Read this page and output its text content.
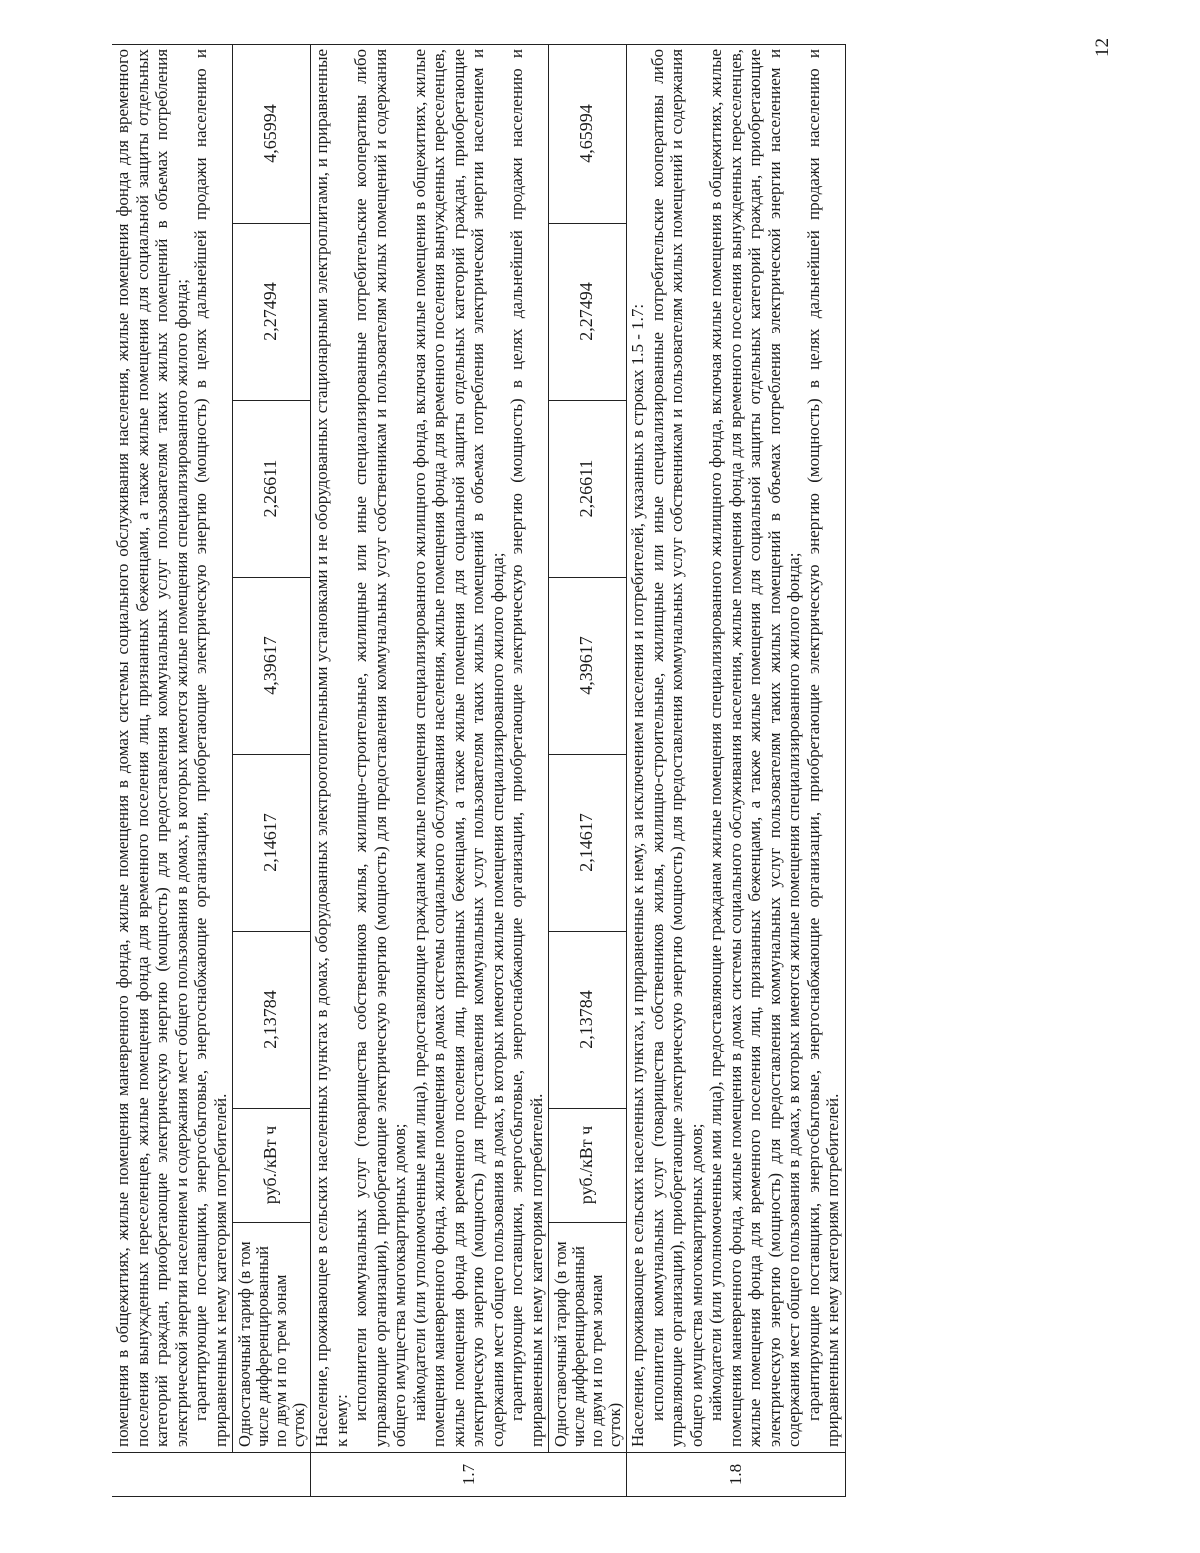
	помещения в общежитиях, жилые помещения маневренного фонда, жилые помещения в домах системы социального обслуживания населения, жилые помещения фонда для временного поселения вынужденных переселенцев, жилые помещения фонда для временного поселения лиц, признанных беженцами, а также жилые помещения для социальной защиты отдельных категорий граждан, приобретающие электрическую энергию (мощность) для предоставления коммунальных услуг пользователям таких жилых помещений в объемах потребления электрической энергии населением и содержания мест общего пользования в домах, в которых имеются жилые помещения специализированного жилого фонда; гарантирующие поставщики, энергосбытовые, энергоснабжающие организации, приобретающие электрическую энергию (мощность) в целях дальнейшей продажи населению и приравненным к нему категориям потребителей.							

	Одноставочный тариф (в том числе дифференцированный по двум и по трем зонам суток)	руб./кВт ч	2,13784	2,14617	4,39617	2,26611	2,27494	4,65994
1.7	Население, проживающее в сельских населенных пунктах в домах, оборудованных электроотопительными установками и не оборудованных стационарными электроплитами, и приравненные к нему: исполнители коммунальных услуг (товарищества собственников жилья, жилищно-строительные, жилищные или иные специализированные потребительские кооперативы либо управляющие организации), приобретающие электрическую энергию (мощность) для предоставления коммунальных услуг собственникам и пользователям жилых помещений и содержания общего имущества многоквартирных домов; наймодатели (или уполномоченные ими лица), предоставляющие гражданам жилые помещения специализированного жилищного фонда, включая жилые помещения в общежитиях, жилые помещения маневренного фонда, жилые помещения в домах системы социального обслуживания населения, жилые помещения фонда для временного поселения вынужденных переселенцев, жилые помещения фонда для временного поселения лиц, признанных беженцами, а также жилые помещения для социальной защиты отдельных категорий граждан, приобретающие электрическую энергию (мощность) для предоставления коммунальных услуг пользователям таких жилых помещений в объемах потребления электрической энергии населением и содержания мест общего пользования в домах, в которых имеются жилые помещения специализированного жилого фонда; гарантирующие поставщики, энергосбытовые, энергоснабжающие организации, приобретающие электрическую энергию (мощность) в целях дальнейшей продажи населению и приравненным к нему категориям потребителей.							

	Одноставочный тариф (в том числе дифференцированный по двум и по трем зонам суток)	руб./кВт ч	2,13784	2,14617	4,39617	2,26611	2,27494	4,65994
1.8	Население, проживающее в сельских населенных пунктах, и приравненные к нему, за исключением населения и потребителей, указанных в строках 1.5 - 1.7: исполнители коммунальных услуг (товарищества собственников жилья, жилищно-строительные, жилищные или иные специализированные потребительские кооперативы либо управляющие организации), приобретающие электрическую энергию (мощность) для предоставления коммунальных услуг собственникам и пользователям жилых помещений и содержания общего имущества многоквартирных домов; наймодатели (или уполномоченные ими лица), предоставляющие гражданам жилые помещения специализированного жилищного фонда, включая жилые помещения в общежитиях, жилые помещения маневренного фонда, жилые помещения в домах системы социального обслуживания населения, жилые помещения фонда для временного поселения вынужденных переселенцев, жилые помещения фонда для временного поселения лиц, признанных беженцами, а также жилые помещения для социальной защиты отдельных категорий граждан, приобретающие электрическую энергию (мощность) для предоставления коммунальных услуг пользователям таких жилых помещений в объемах потребления электрической энергии населением и содержания мест общего пользования в домах, в которых имеются жилые помещения специализированного жилого фонда; гарантирующие поставщики, энергосбытовые, энергоснабжающие организации, приобретающие электрическую энергию (мощность) в целях дальнейшей продажи населению и приравненным к нему категориям потребителей.							

12
